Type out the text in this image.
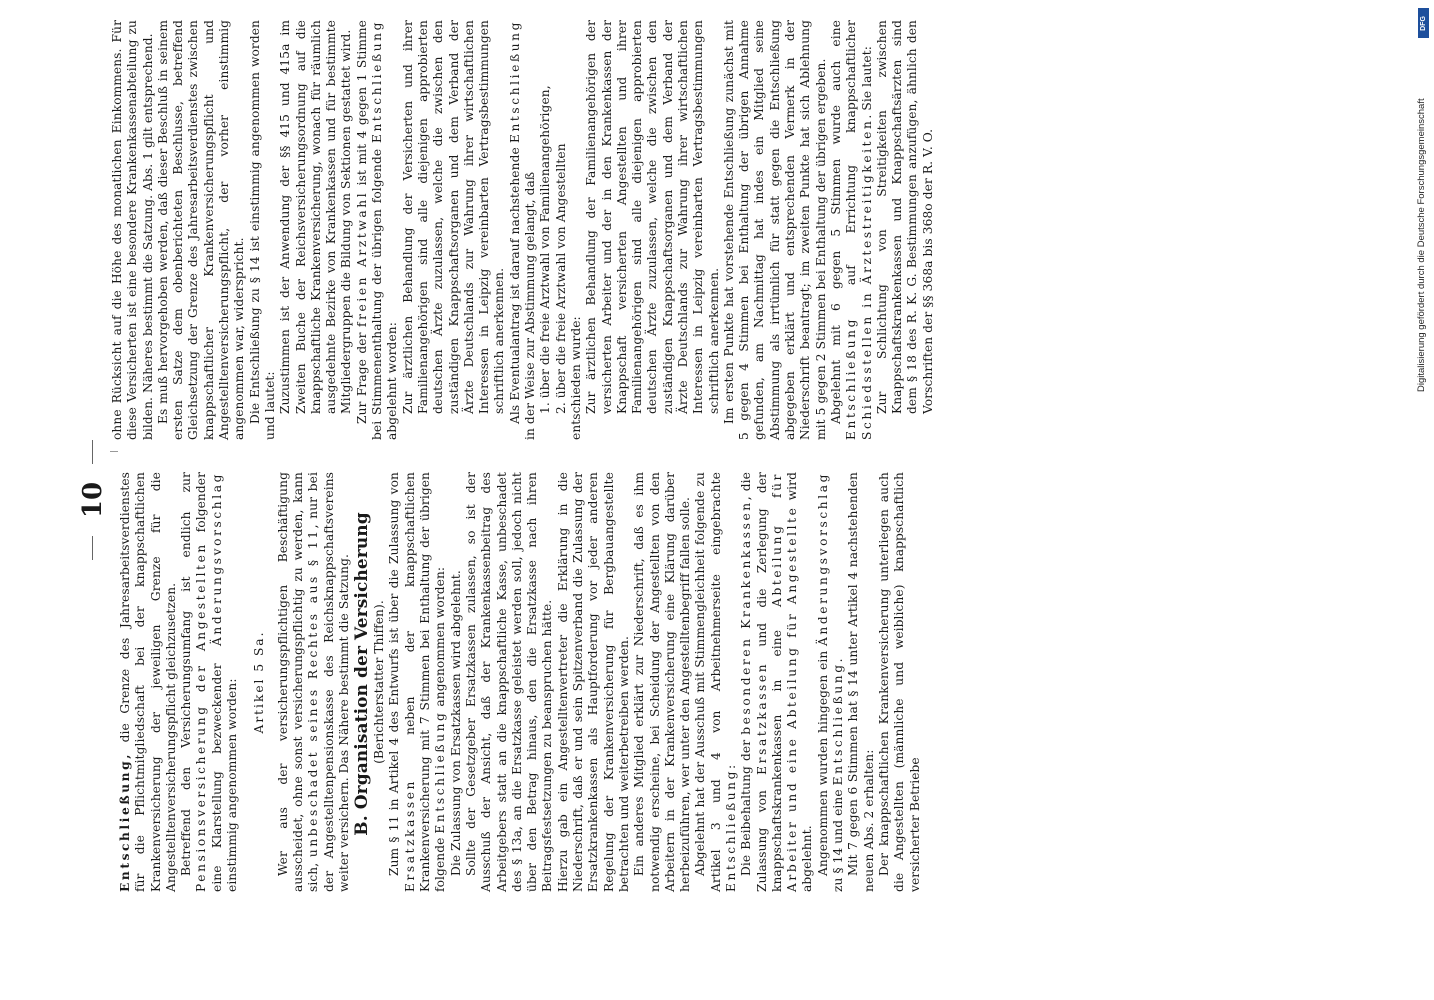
10

Entschließung, die Grenze des Jahresarbeitsverdienstes für die Pflichtmitgliedschaft bei der knappschaftlichen Krankenversicherung der jeweiligen Grenze für die Angestelltenversicherungspflicht gleichzusetzen. Betreffend den Versicherungsumfang ist endlich zur Pensionsversicherung der Angestellten folgender eine Klarstellung bezweckender Änderungsvorschlag einstimmig angenommen worden: Artikel 5 Sa. Wer aus der versicherungspflichtigen Beschäftigung ausscheidet, ohne sonst versicherungspflichtig zu werden, kann sich, unbeschadet seines Rechtes aus § 11, nur bei der Angestelltenpensionskasse des Reichsknappschaftsvereins weiter versichern. Das Nähere bestimmt die Satzung. B. Organisation der Versicherung (Berichterstatter Thiffen). Zum § 11 in Artikel 4 des Entwurfs ist über die Zulassung von Ersatzkassen neben der knappschaftlichen Krankenversicherung mit 7 Stimmen bei Enthaltung der übrigen folgende Entschließung angenommen worden: Die Zulassung von Ersatzkassen wird abgelehnt. Sollte der Gesetzgeber Ersatzkassen zulassen, so ist der Ausschuß der Ansicht, daß der Krankenkassenbeitrag des Arbeitgebers statt an die knappschaftliche Kasse, unbeschadet des § 13a, an die Ersatzkasse geleistet werden soll, jedoch nicht über den Betrag hinaus, den die Ersatzkasse nach ihren Beitragsfestsetzungen zu beanspruchen hätte. Hierzu gab ein Angestelltenvertreter die Erklärung in die Niederschrift, daß er und sein Spitzenverband die Zulassung der Ersatzkrankenkassen als Hauptforderung vor jeder anderen Regelung der Krankenversicherung für Bergbauangestellte betrachten und weiterbetreiben werden. Ein anderes Mitglied erklärt zur Niederschrift, daß es ihm notwendig erscheine, bei Scheidung der Angestellten von den Arbeitern in der Krankenversicherung eine Klärung darüber herbeizuführen, wer unter den Angestelltenbegriff fallen solle. Abgelehnt hat der Ausschuß mit Stimmengleichheit folgende zu Artikel 3 und 4 von Arbeitnehmerseite eingebrachte Entschließung: Die Beibehaltung der besonderen Krankenkassen, die Zulassung von Ersatzkassen und die Zerlegung der knappschaftskrankenkassen in eine Abteilung für Arbeiter und eine Abteilung für Angestellte wird abgelehnt. Angenommen wurden hingegen ein Änderungsvorschlag zu § 14 und eine Entschließung. Mit 7 gegen 6 Stimmen hat § 14 unter Artikel 4 nachstehenden neuen Abs. 2 erhalten: Der knappschaftlichen Krankenversicherung unterliegen auch die Angestellten (männliche und weibliche) knappschaftlich versicherter Betriebe

ohne Rücksicht auf die Höhe des monatlichen Einkommens. Für diese Versicherten ist eine besondere Krankenkassenabteilung zu bilden. Näheres bestimmt die Satzung. Abs. 1 gilt entsprechend. Es muß hervorgehoben werden, daß dieser Beschluß in seinem ersten Satze dem obenberichteten Beschlusse, betreffend Gleichsetzung der Grenze des Jahresarbeitsverdienstes zwischen knappschaftlicher Krankenversicherungspflicht und Angestelltenversicherungspflicht, der vorher einstimmig angenommen war, widerspricht. Die Entschließung zu § 14 ist einstimmig angenommen worden und lautet: Zuzustimmen ist der Anwendung der §§ 415 und 415a im Zweiten Buche der Reichsversicherungsordnung auf die knappschaftliche Krankenversicherung, wonach für räumlich ausgedehnte Bezirke von Krankenkassen und für bestimmte Mitgliedergruppen die Bildung von Sektionen gestattet wird. Zur Frage der freien Arztwahl ist mit 4 gegen 1 Stimme bei Stimmenenthaltung der übrigen folgende Entschließung abgelehnt worden: Zur ärztlichen Behandlung der Versicherten und ihrer Familienangehörigen sind alle diejenigen approbierten deutschen Ärzte zuzulassen, welche die zwischen den zuständigen Knappschaftsorganen und dem Verband der Ärzte Deutschlands zur Wahrung ihrer wirtschaftlichen Interessen in Leipzig vereinbarten Vertragsbestimmungen schriftlich anerkennen. Als Eventualantrag ist darauf nachstehende Entschließung in der Weise zur Abstimmung gelangt, daß 1. über die freie Arztwahl von Familienangehörigen, 2. über die freie Arztwahl von Angestellten entschieden wurde: Zur ärztlichen Behandlung der Familienangehörigen der versicherten Arbeiter und der in den Krankenkassen der Knappschaft versicherten Angestellten und ihrer Familienangehörigen sind alle diejenigen approbierten deutschen Ärzte zuzulassen, welche die zwischen den zuständigen Knappschaftsorganen und dem Verband der Ärzte Deutschlands zur Wahrung ihrer wirtschaftlichen Interessen in Leipzig vereinbarten Vertragsbestimmungen schriftlich anerkennen. Im ersten Punkte hat vorstehende Entschließung zunächst mit 5 gegen 4 Stimmen bei Enthaltung der übrigen Annahme gefunden, am Nachmittag hat indes ein Mitglied seine Abstimmung als irrtümlich für statt gegen die Entschließung abgegeben erklärt und entsprechenden Vermerk in der Niederschrift beantragt; im zweiten Punkte hat sich Ablehnung mit 5 gegen 2 Stimmen bei Enthaltung der übrigen ergeben. Abgelehnt mit 6 gegen 5 Stimmen wurde auch eine Entschließung auf Errichtung knappschaftlicher Schiedsstellen in Ärztestreitigkeiten. Sie lautet: Zur Schlichtung von Streitigkeiten zwischen Knappschaftskrankenkassen und Knappschaftsärzten sind dem § 18 des R. K. G. Bestimmungen anzufügen, ähnlich den Vorschriften der §§ 368a bis 368o der R. V. O.	Digitalisierung gefördert durch die Deutsche Forschungsgemeinschaft
DFG
